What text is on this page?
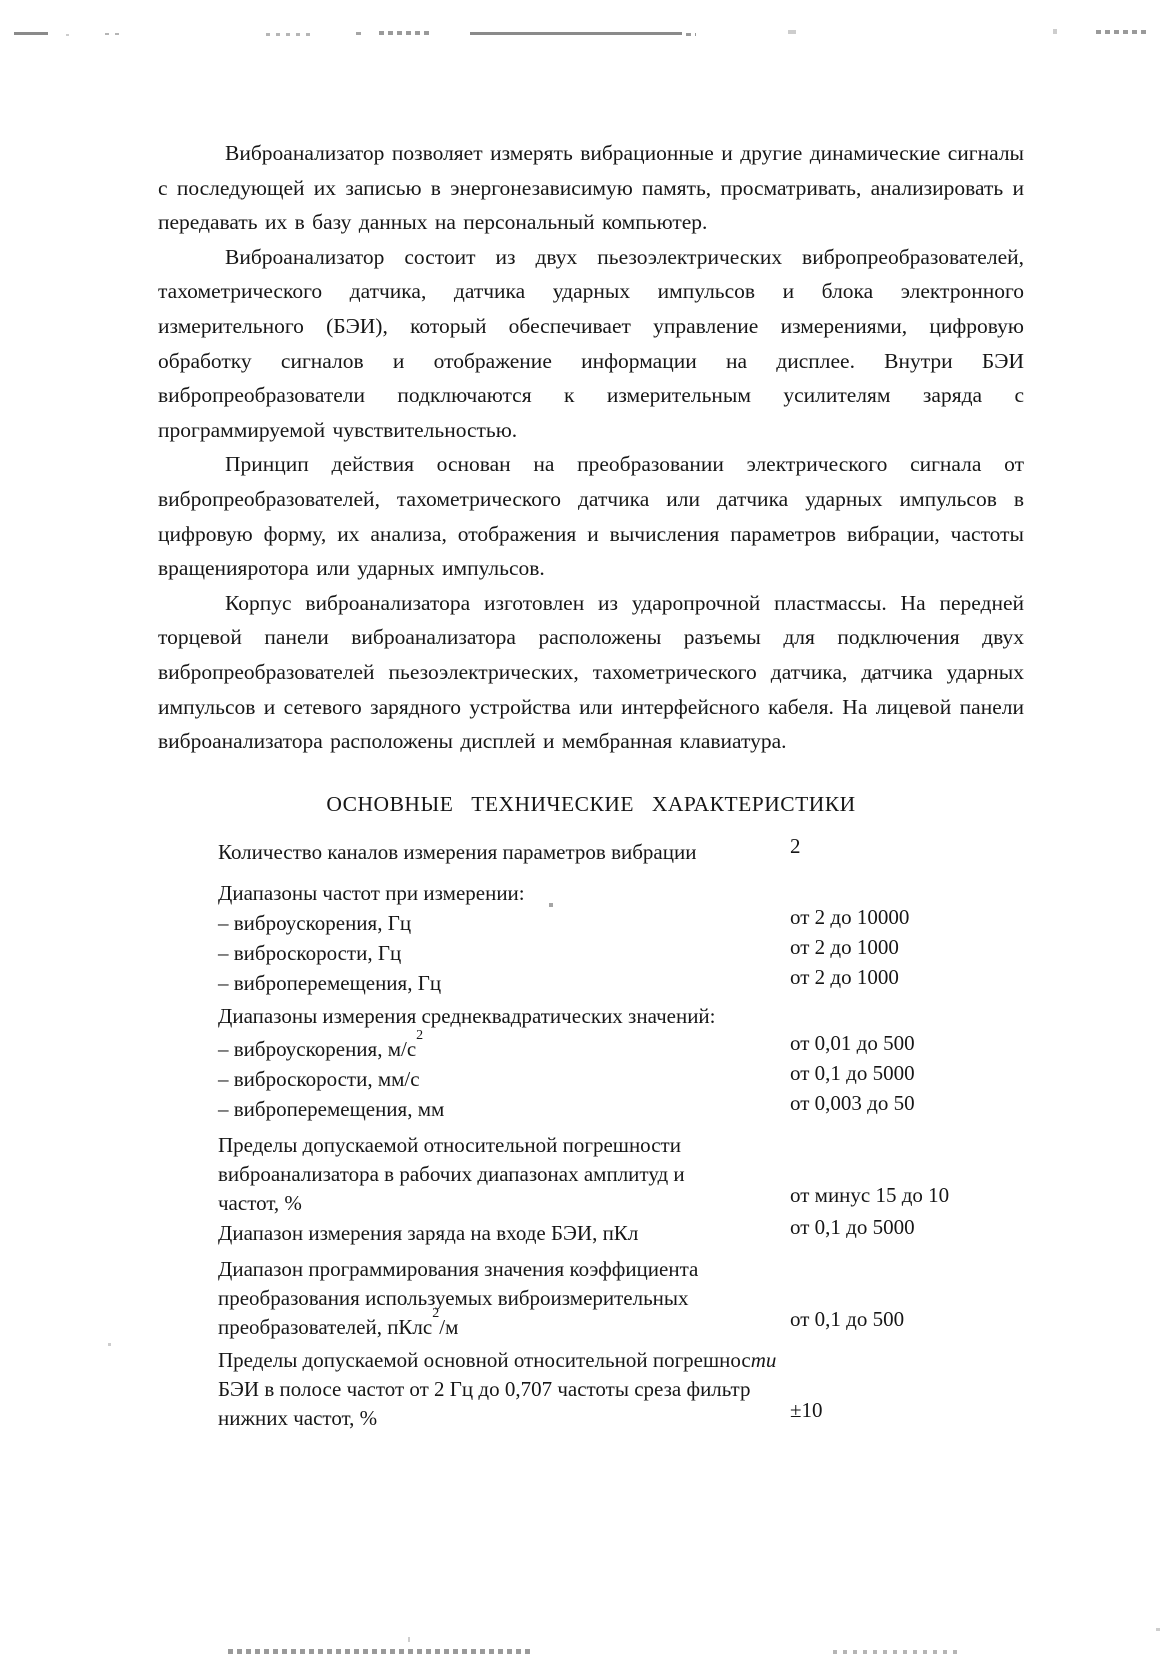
Виброанализатор позволяет измерять вибрационные и другие динамические сигналы с последующей их записью в энергонезависимую память, просматривать, анализировать и передавать их в базу данных на персональный компьютер.

Виброанализатор состоит из двух пьезоэлектрических вибропреобразователей, тахометрического датчика, датчика ударных импульсов и блока электронного измерительного (БЭИ), который обеспечивает управление измерениями, цифровую обработку сигналов и отображение информации на дисплее. Внутри БЭИ вибропреобразователи подключаются к измерительным усилителям заряда с программируемой чувствительностью.

Принцип действия основан на преобразовании электрического сигнала от вибропреобразователей, тахометрического датчика или датчика ударных импульсов в цифровую форму, их анализа, отображения и вычисления параметров вибрации, частоты вращенияротора или ударных импульсов.

Корпус виброанализатора изготовлен из ударопрочной пластмассы. На передней торцевой панели виброанализатора расположены разъемы для подключения двух вибропреобразователей пьезоэлектрических, тахометрического датчика, датчика ударных импульсов и сетевого зарядного устройства или интерфейсного кабеля. На лицевой панели виброанализатора расположены дисплей и мембранная клавиатура.

ОСНОВНЫЕ ТЕХНИЧЕСКИЕ ХАРАКТЕРИСТИКИ
Количество каналов измерения параметров вибрации	2
Диапазоны частот при измерении:
– виброускорения, Гц	от 2 до 10000
– виброскорости, Гц	от 2 до 1000
– виброперемещения, Гц	от 2 до 1000
Диапазоны измерения среднеквадратических значений:
– виброускорения, $м/с^2$	от 0,01 до 500
– виброскорости, мм/с	от 0,1 до 5000
– виброперемещения, мм	от 0,003 до 50
Пределы допускаемой относительной погрешности
виброанализатора в рабочих диапазонах амплитуд и
частот, %	от минус 15 до 10
Диапазон измерения заряда на входе БЭИ, пКл	от 0,1 до 5000
Диапазон программирования значения коэффициента
преобразования используемых виброизмерительных
преобразователей, пКлс$^2$/м	от 0,1 до 500
Пределы допускаемой основной относительной погрешности
БЭИ в полосе частот от 2 Гц до 0,707 частоты среза фильтр
нижних частот, %	±10
